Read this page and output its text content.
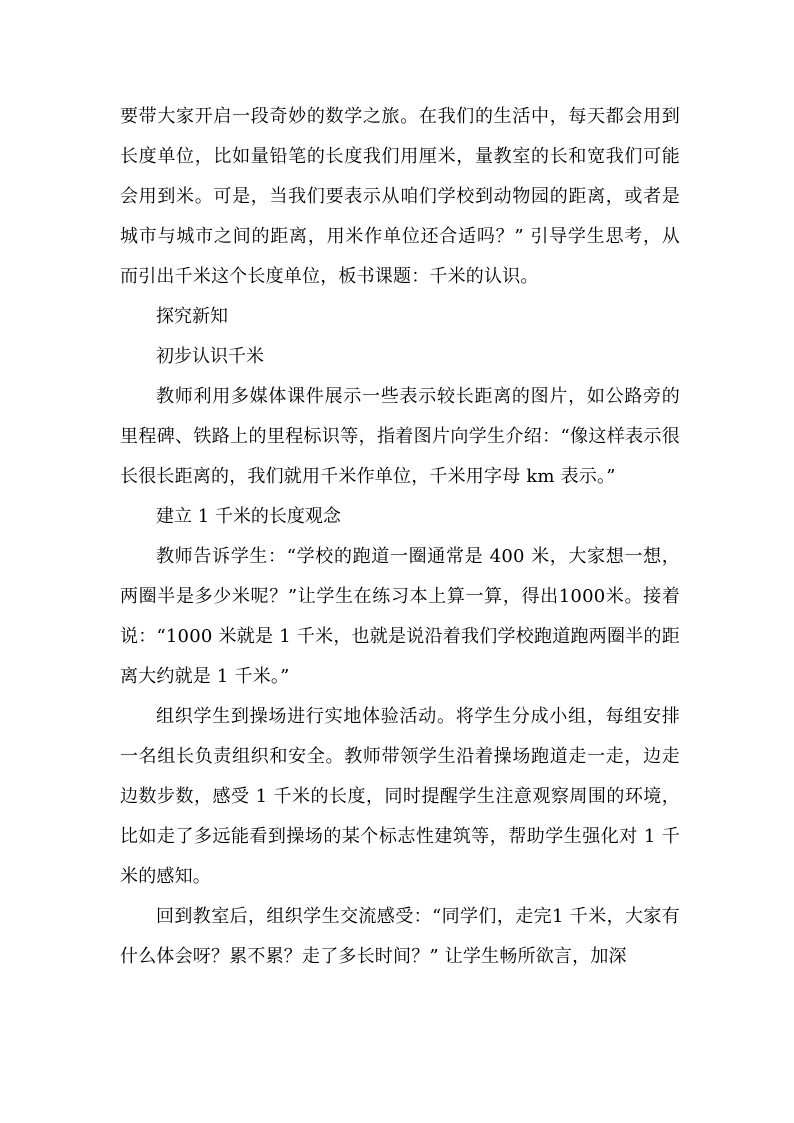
要带大家开启一段奇妙的数学之旅。在我们的生活中，每天都会用到长度单位，比如量铅笔的长度我们用厘米，量教室的长和宽我们可能会用到米。可是，当我们要表示从咱们学校到动物园的距离，或者是城市与城市之间的距离，用米作单位还合适吗？” 引导学生思考，从而引出千米这个长度单位，板书课题：千米的认识。

探究新知

初步认识千米

教师利用多媒体课件展示一些表示较长距离的图片，如公路旁的里程碑、铁路上的里程标识等，指着图片向学生介绍：“像这样表示很长很长距离的，我们就用千米作单位，千米用字母 km 表示。”

建立 1 千米的长度观念

教师告诉学生：“学校的跑道一圈通常是 400 米，大家想一想，两圈半是多少米呢？”让学生在练习本上算一算，得出1000米。接着说：“1000 米就是 1 千米，也就是说沿着我们学校跑道跑两圈半的距离大约就是 1 千米。”

组织学生到操场进行实地体验活动。将学生分成小组，每组安排一名组长负责组织和安全。教师带领学生沿着操场跑道走一走，边走边数步数，感受 1 千米的长度，同时提醒学生注意观察周围的环境，比如走了多远能看到操场的某个标志性建筑等，帮助学生强化对 1 千米的感知。

回到教室后，组织学生交流感受：“同学们，走完1 千米，大家有什么体会呀？累不累？走了多长时间？” 让学生畅所欲言，加深
